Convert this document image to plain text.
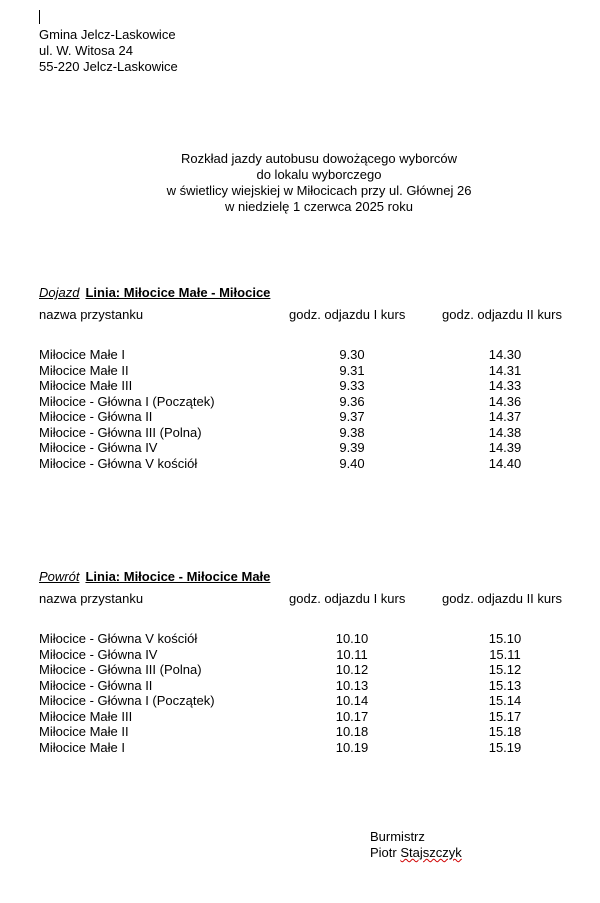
Gmina Jelcz-Laskowice
ul. W. Witosa 24
55-220 Jelcz-Laskowice
Rozkład jazdy autobusu dowożącego wyborców
do lokalu wyborczego
w świetlicy wiejskiej w Miłocicach przy ul. Głównej 26
w niedzielę 1 czerwca 2025 roku
Dojazd Linia: Miłocice Małe - Miłocice
nazwa przystanku	godz. odjazdu I kurs	godz. odjazdu II kurs
Miłocice Małe I	9.30	14.30
Miłocice Małe II	9.31	14.31
Miłocice Małe III	9.33	14.33
Miłocice - Główna I (Początek)	9.36	14.36
Miłocice - Główna II	9.37	14.37
Miłocice - Główna III (Polna)	9.38	14.38
Miłocice - Główna IV	9.39	14.39
Miłocice - Główna V kościół	9.40	14.40
Powrót Linia: Miłocice - Miłocice Małe
nazwa przystanku	godz. odjazdu I kurs	godz. odjazdu II kurs
Miłocice - Główna V kościół	10.10	15.10
Miłocice - Główna IV	10.11	15.11
Miłocice - Główna III (Polna)	10.12	15.12
Miłocice - Główna II	10.13	15.13
Miłocice - Główna I (Początek)	10.14	15.14
Miłocice Małe III	10.17	15.17
Miłocice Małe II	10.18	15.18
Miłocice Małe I	10.19	15.19
Burmistrz
Piotr Stajszczyk
